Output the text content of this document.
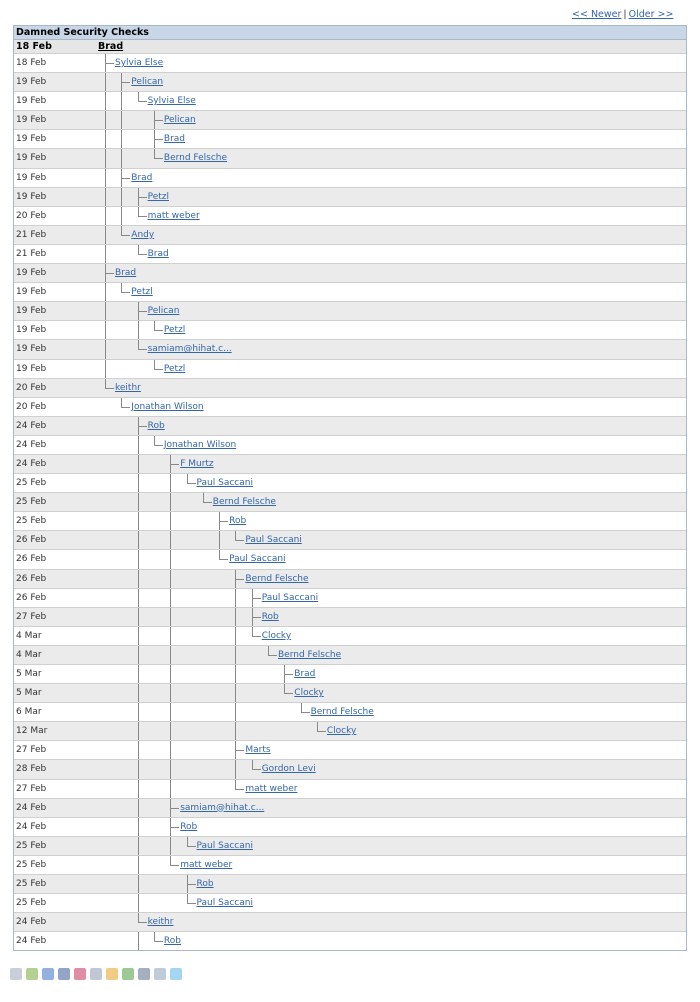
<< Newer | Older >>
Damned Security Checks
18 Feb	Brad
18 Feb	Sylvia Else
19 Feb	Pelican
19 Feb	Sylvia Else
19 Feb	Pelican
19 Feb	Brad
19 Feb	Bernd Felsche
19 Feb	Brad
19 Feb	Petzl
20 Feb	matt weber
21 Feb	Andy
21 Feb	Brad
19 Feb	Brad
19 Feb	Petzl
19 Feb	Pelican
19 Feb	Petzl
19 Feb	samiam@hihat.c...
19 Feb	Petzl
20 Feb	keithr
20 Feb	Jonathan Wilson
24 Feb	Rob
24 Feb	Jonathan Wilson
24 Feb	F Murtz
25 Feb	Paul Saccani
25 Feb	Bernd Felsche
25 Feb	Rob
26 Feb	Paul Saccani
26 Feb	Paul Saccani
26 Feb	Bernd Felsche
26 Feb	Paul Saccani
27 Feb	Rob
4 Mar	Clocky
4 Mar	Bernd Felsche
5 Mar	Brad
5 Mar	Clocky
6 Mar	Bernd Felsche
12 Mar	Clocky
27 Feb	Marts
28 Feb	Gordon Levi
27 Feb	matt weber
24 Feb	samiam@hihat.c...
24 Feb	Rob
25 Feb	Paul Saccani
25 Feb	matt weber
25 Feb	Rob
25 Feb	Paul Saccani
24 Feb	keithr
24 Feb	Rob
